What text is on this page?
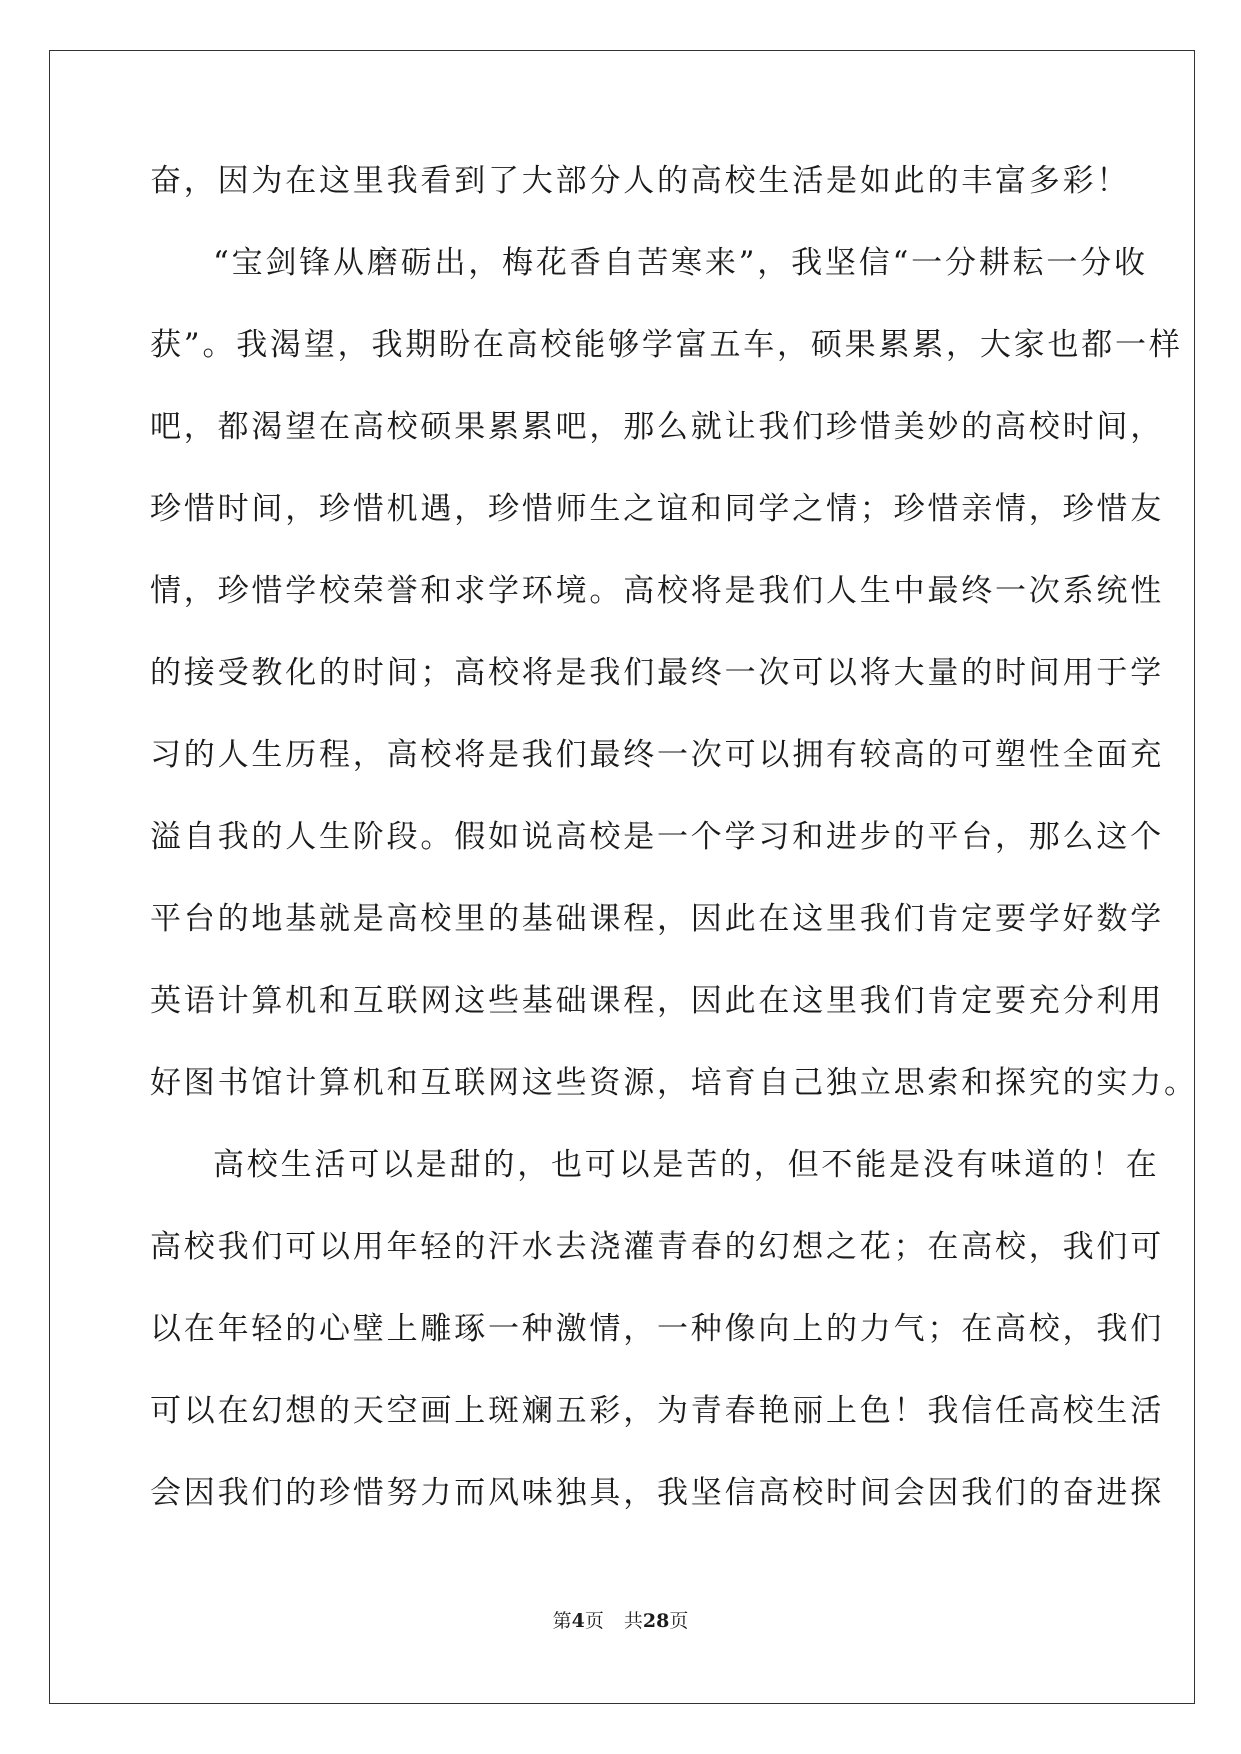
奋，因为在这里我看到了大部分人的高校生活是如此的丰富多彩！
“宝剑锋从磨砺出，梅花香自苦寒来”，我坚信“一分耕耘一分收
获”。我渴望，我期盼在高校能够学富五车，硕果累累，大家也都一样
吧，都渴望在高校硕果累累吧，那么就让我们珍惜美妙的高校时间，
珍惜时间，珍惜机遇，珍惜师生之谊和同学之情；珍惜亲情，珍惜友
情，珍惜学校荣誉和求学环境。高校将是我们人生中最终一次系统性
的接受教化的时间；高校将是我们最终一次可以将大量的时间用于学
习的人生历程，高校将是我们最终一次可以拥有较高的可塑性全面充
溢自我的人生阶段。假如说高校是一个学习和进步的平台，那么这个
平台的地基就是高校里的基础课程，因此在这里我们肯定要学好数学
英语计算机和互联网这些基础课程，因此在这里我们肯定要充分利用
好图书馆计算机和互联网这些资源，培育自己独立思索和探究的实力。
高校生活可以是甜的，也可以是苦的，但不能是没有味道的！在
高校我们可以用年轻的汗水去浇灌青春的幻想之花；在高校，我们可
以在年轻的心壁上雕琢一种激情，一种像向上的力气；在高校，我们
可以在幻想的天空画上斑斓五彩，为青春艳丽上色！我信任高校生活
会因我们的珍惜努力而风味独具，我坚信高校时间会因我们的奋进探
第4页 共28页
